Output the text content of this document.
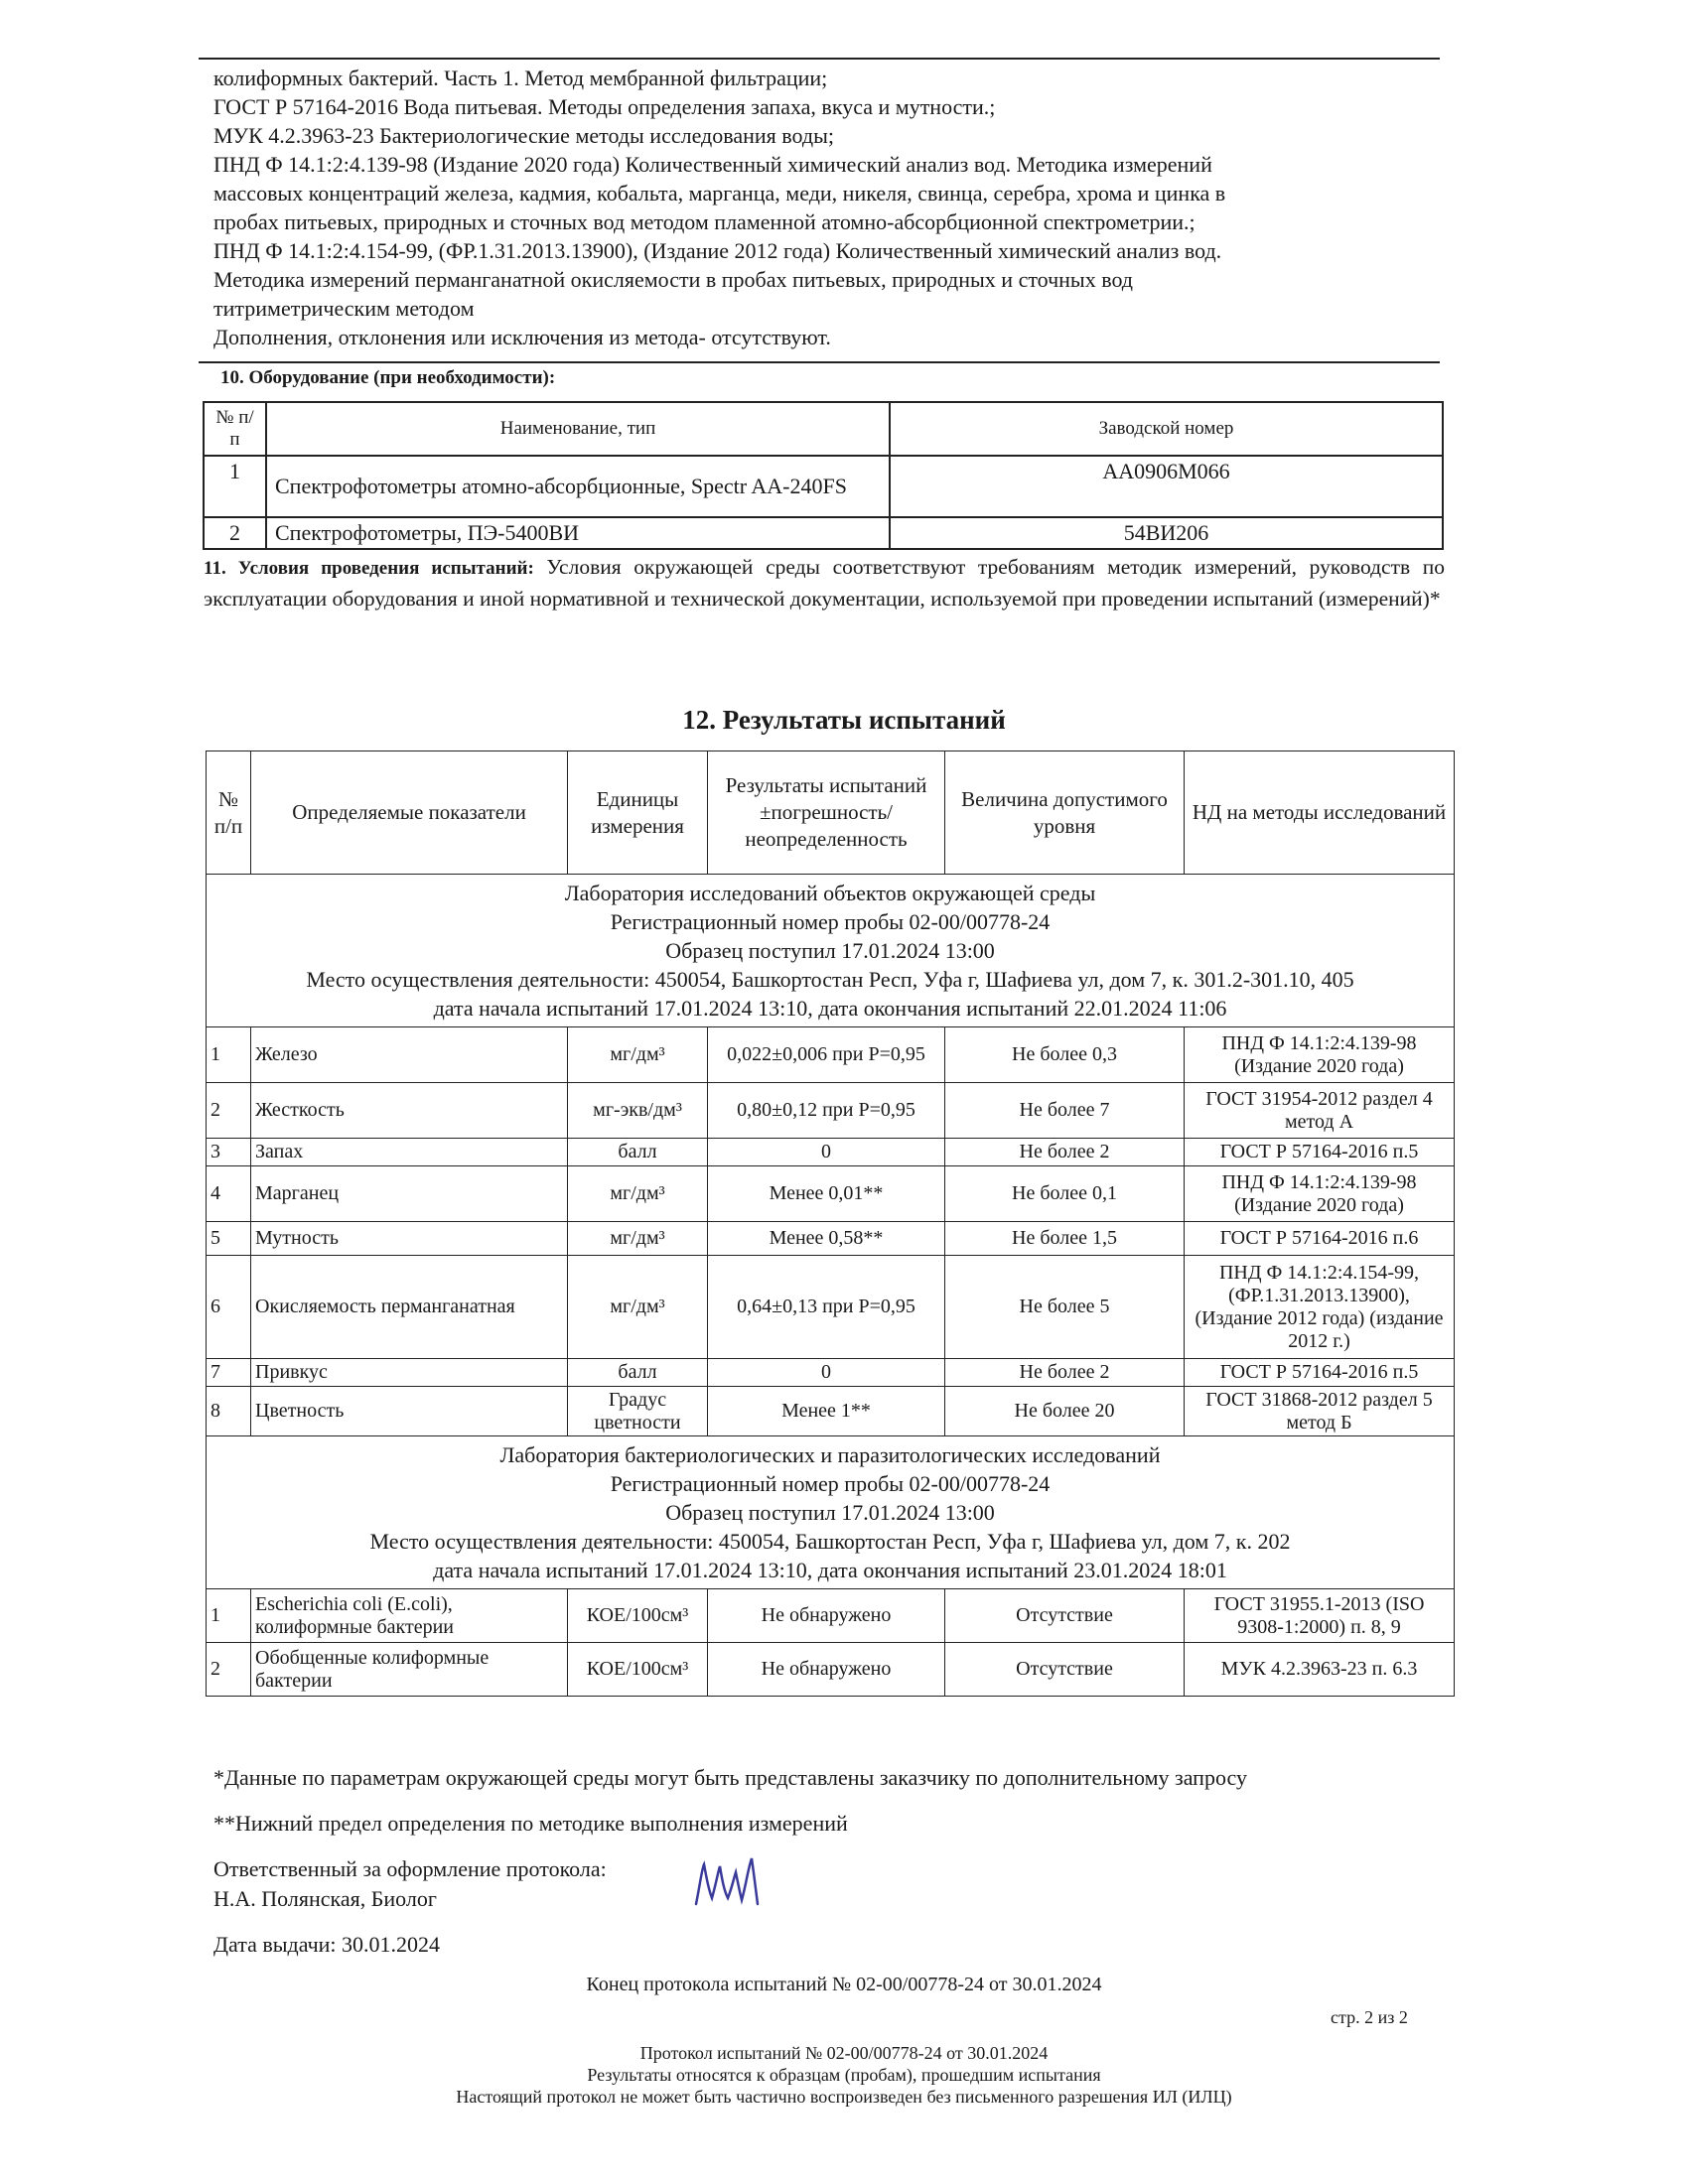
колиформных бактерий. Часть 1. Метод мембранной фильтрации;
ГОСТ Р 57164-2016 Вода питьевая. Методы определения запаха, вкуса и мутности.;
МУК 4.2.3963-23 Бактериологические методы исследования воды;
ПНД Ф 14.1:2:4.139-98 (Издание 2020 года) Количественный химический анализ вод. Методика измерений
массовых концентраций железа, кадмия, кобальта, марганца, меди, никеля, свинца, серебра, хрома и цинка в
пробах питьевых, природных и сточных вод методом пламенной атомно-абсорбционной спектрометрии.;
ПНД Ф 14.1:2:4.154-99, (ФР.1.31.2013.13900), (Издание 2012 года) Количественный химический анализ вод.
Методика измерений перманганатной окисляемости в пробах питьевых, природных и сточных вод
титриметрическим методом
Дополнения, отклонения или исключения из метода- отсутствуют.
10. Оборудование (при необходимости):
№ п/п	Наименование, тип	Заводской номер
1	Спектрофотометры атомно-абсорбционные, Spectr AA-240FS	AA0906M066
2	Спектрофотометры, ПЭ-5400ВИ	54ВИ206
11. Условия проведения испытаний: Условия окружающей среды соответствуют требованиям методик измерений, руководств по эксплуатации оборудования и иной нормативной и технической документации, используемой при проведении испытаний (измерений)*
12. Результаты испытаний
№ п/п	Определяемые показатели	Единицы измерения	Результаты испытаний ±погрешность/ неопределенность	Величина допустимого уровня	НД на методы исследований

Лаборатория исследований объектов окружающей среды
Регистрационный номер пробы 02-00/00778-24
Образец поступил 17.01.2024 13:00
Место осуществления деятельности: 450054, Башкортостан Респ, Уфа г, Шафиева ул, дом 7, к. 301.2-301.10, 405
дата начала испытаний 17.01.2024 13:10, дата окончания испытаний 22.01.2024 11:06					

1	Железо	мг/дм³	0,022±0,006 при P=0,95	Не более 0,3	ПНД Ф 14.1:2:4.139-98 (Издание 2020 года)
2	Жесткость	мг-экв/дм³	0,80±0,12 при P=0,95	Не более 7	ГОСТ 31954-2012 раздел 4 метод А
3	Запах	балл	0	Не более 2	ГОСТ Р 57164-2016 п.5
4	Марганец	мг/дм³	Менее 0,01**	Не более 0,1	ПНД Ф 14.1:2:4.139-98 (Издание 2020 года)
5	Мутность	мг/дм³	Менее 0,58**	Не более 1,5	ГОСТ Р 57164-2016 п.6
6	Окисляемость перманганатная	мг/дм³	0,64±0,13 при P=0,95	Не более 5	ПНД Ф 14.1:2:4.154-99, (ФР.1.31.2013.13900), (Издание 2012 года) (издание 2012 г.)
7	Привкус	балл	0	Не более 2	ГОСТ Р 57164-2016 п.5
8	Цветность	Градус цветности	Менее 1**	Не более 20	ГОСТ 31868-2012 раздел 5 метод Б

Лаборатория бактериологических и паразитологических исследований
Регистрационный номер пробы 02-00/00778-24
Образец поступил 17.01.2024 13:00
Место осуществления деятельности: 450054, Башкортостан Респ, Уфа г, Шафиева ул, дом 7, к. 202
дата начала испытаний 17.01.2024 13:10, дата окончания испытаний 23.01.2024 18:01					

1	Escherichia coli (E.coli), колиформные бактерии	КОЕ/100см³	Не обнаружено	Отсутствие	ГОСТ 31955.1-2013 (ISO 9308-1:2000) п. 8, 9
2	Обобщенные колиформные бактерии	КОЕ/100см³	Не обнаружено	Отсутствие	МУК 4.2.3963-23 п. 6.3
*Данные по параметрам окружающей среды могут быть представлены заказчику по дополнительному запросу
**Нижний предел определения по методике выполнения измерений
Ответственный за оформление протокола:
Н.А. Полянская, Биолог
Дата выдачи: 30.01.2024
Конец протокола испытаний № 02-00/00778-24 от 30.01.2024
стр. 2 из 2
Протокол испытаний № 02-00/00778-24 от 30.01.2024
Результаты относятся к образцам (пробам), прошедшим испытания
Настоящий протокол не может быть частично воспроизведен без письменного разрешения ИЛ (ИЛЦ)
